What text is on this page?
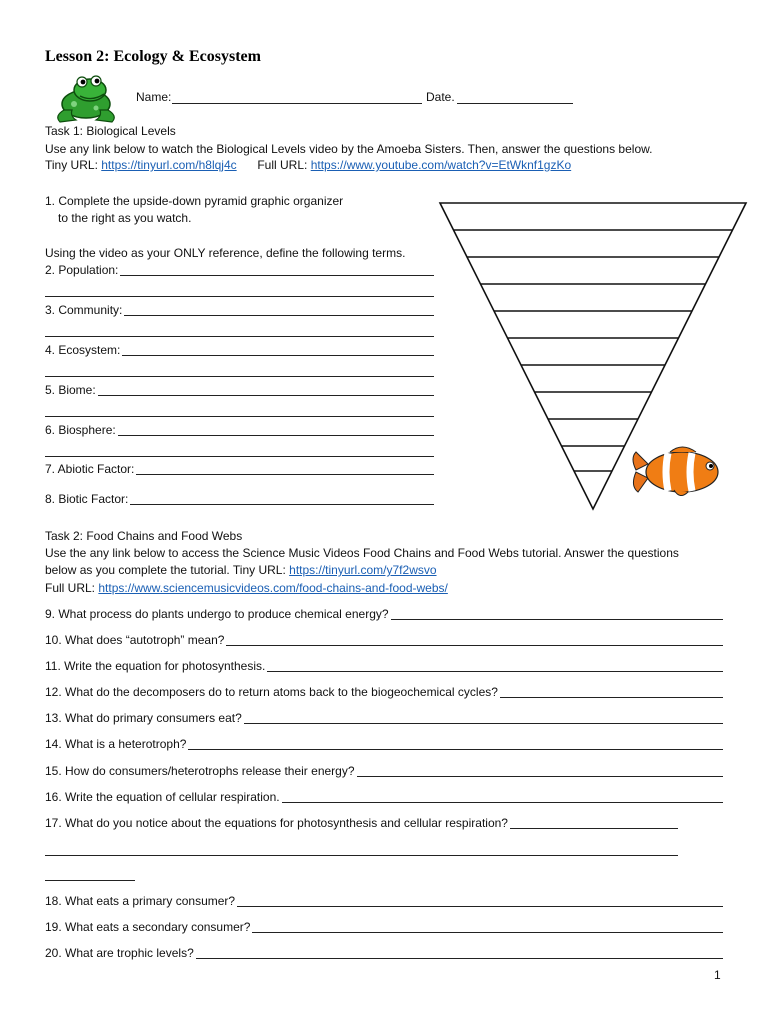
Lesson 2: Ecology & Ecosystem
Name:	Date.
Task 1: Biological Levels
Use any link below to watch the Biological Levels video by the Amoeba Sisters. Then, answer the questions below.
Tiny URL: https://tinyurl.com/h8lqj4c Full URL: https://www.youtube.com/watch?v=EtWknf1gzKo
1. Complete the upside-down pyramid graphic organizer
to the right as you watch.
Using the video as your ONLY reference, define the following terms.
2. Population:
3. Community:
4. Ecosystem:
5. Biome:
6. Biosphere:
7. Abiotic Factor:
8. Biotic Factor:
Task 2: Food Chains and Food Webs
Use the any link below to access the Science Music Videos Food Chains and Food Webs tutorial. Answer the questions
below as you complete the tutorial. Tiny URL: https://tinyurl.com/y7f2wsvo
Full URL: https://www.sciencemusicvideos.com/food-chains-and-food-webs/
9. What process do plants undergo to produce chemical energy?
10. What does “autotroph” mean?
11. Write the equation for photosynthesis.
12. What do the decomposers do to return atoms back to the biogeochemical cycles?
13. What do primary consumers eat?
14. What is a heterotroph?
15. How do consumers/heterotrophs release their energy?
16. Write the equation of cellular respiration.
17. What do you notice about the equations for photosynthesis and cellular respiration?
18. What eats a primary consumer?
19. What eats a secondary consumer?
20. What are trophic levels?
1
